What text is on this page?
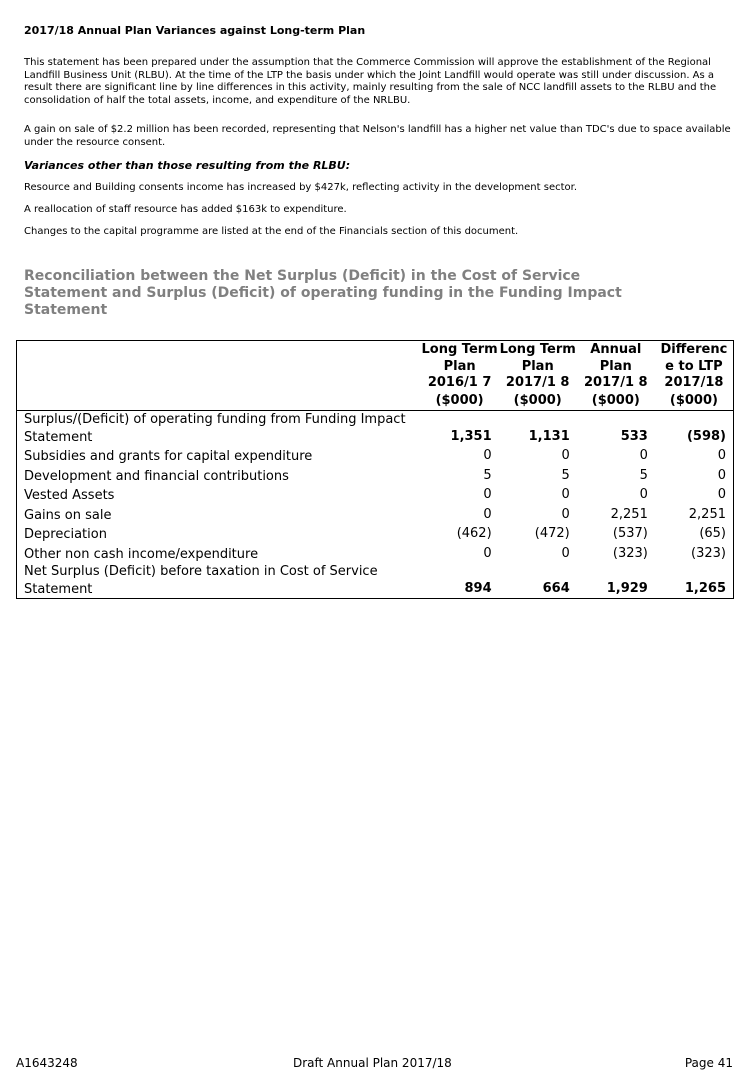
2017/18 Annual Plan Variances against Long-term Plan

This statement has been prepared under the assumption that the Commerce Commission will approve the establishment of the Regional Landfill Business Unit (RLBU). At the time of the LTP the basis under which the Joint Landfill would operate was still under discussion. As a result there are significant line by line differences in this activity, mainly resulting from the sale of NCC landfill assets to the RLBU and the consolidation of half the total assets, income, and expenditure of the NRLBU.

A gain on sale of $2.2 million has been recorded, representing that Nelson's landfill has a higher net value than TDC's due to space available under the resource consent.

Variances other than those resulting from the RLBU:

Resource and Building consents income has increased by $427k, reflecting activity in the development sector.

A reallocation of staff resource has added $163k to expenditure.

Changes to the capital programme are listed at the end of the Financials section of this document.

Reconciliation between the Net Surplus (Deficit) in the Cost of Service Statement and Surplus (Deficit) of operating funding in the Funding Impact Statement
	Long Term Plan 2016/1 7	Long Term Plan 2017/1 8	Annual Plan 2017/1 8	Differenc e to LTP 2017/18
	($000)	($000)	($000)	($000)
Surplus/(Deficit) of operating funding from Funding Impact Statement	1,351	1,131	533	(598)
Subsidies and grants for capital expenditure	0	0	0	0
Development and financial contributions	5	5	5	0
Vested Assets	0	0	0	0
Gains on sale	0	0	2,251	2,251
Depreciation	(462)	(472)	(537)	(65)
Other non cash income/expenditure	0	0	(323)	(323)
Net Surplus (Deficit) before taxation in Cost of Service Statement	894	664	1,929	1,265
A1643248	Draft Annual Plan 2017/18	Page 41
